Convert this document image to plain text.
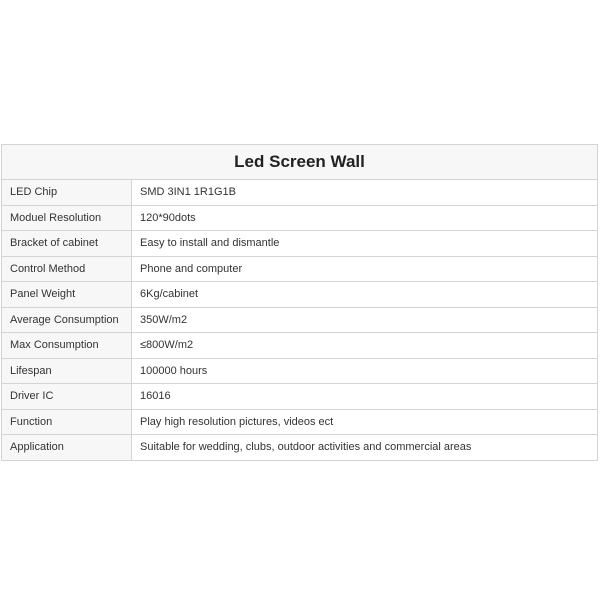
Led Screen Wall	
LED Chip	SMD 3IN1 1R1G1B
Moduel Resolution	120*90dots
Bracket of cabinet	Easy to install and dismantle
Control Method	Phone and computer
Panel Weight	6Kg/cabinet
Average Consumption	350W/m2
Max Consumption	≤800W/m2
Lifespan	100000 hours
Driver IC	16016
Function	Play high resolution pictures, videos ect
Application	Suitable for wedding, clubs, outdoor activities and commercial areas
